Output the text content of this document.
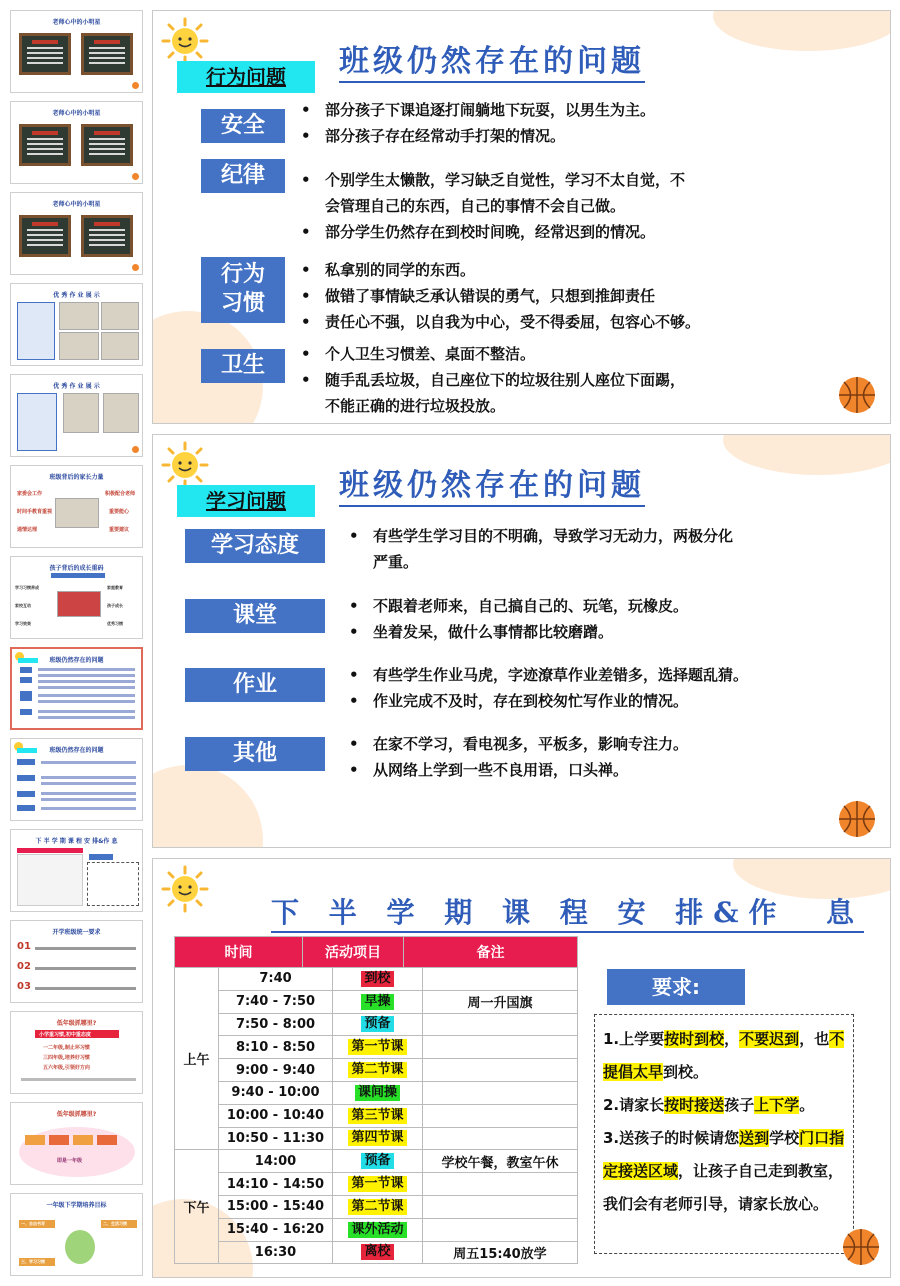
老师心中的小明星
老师心中的小明星
老师心中的小明星
优 秀 作 业 展 示
优 秀 作 业 展 示
班级背后的家长力量
家委会工作
时间手教育重视
通情达理
积极配合老师
重要能心
重要建议
孩子背后的成长重码
学习习惯养成
家校互动
学习效果
家庭教育
孩子成长
优秀习惯
班级仍然存在的问题
班级仍然存在的问题
下 半 学 期 课 程 安 排&作 息
开学班级统一要求
01
02
03
低年级抓哪里?
小学重习惯,初中重态度
一二年级,制止坏习惯
三四年级,培养好习惯
五六年级,引领好方向
低年级抓哪里?
即是一年级
一年级下学期培养目标
一、自由书写	二、生活习惯
三、学习习惯
班级仍然存在的问题
行为问题
安全
纪律
行为
习惯
卫生
• 部分孩子下课追逐打闹躺地下玩耍，以男生为主。
• 部分孩子存在经常动手打架的情况。
• 个别学生太懒散，学习缺乏自觉性，学习不太自觉，不
会管理自己的东西，自己的事情不会自己做。
• 部分学生仍然存在到校时间晚，经常迟到的情况。
• 私拿别的同学的东西。
• 做错了事情缺乏承认错误的勇气，只想到推卸责任
• 责任心不强，以自我为中心，受不得委屈，包容心不够。
• 个人卫生习惯差、桌面不整洁。
• 随手乱丢垃圾，自己座位下的垃圾往别人座位下面踢，
不能正确的进行垃圾投放。
班级仍然存在的问题
学习问题
学习态度
课堂
作业
其他
• 有些学生学习目的不明确，导致学习无动力，两极分化
严重。
• 不跟着老师来，自己搞自己的、玩笔，玩橡皮。
• 坐着发呆，做什么事情都比较磨蹭。
• 有些学生作业马虎，字迹潦草作业差错多，选择题乱猜。
• 作业完成不及时，存在到校匆忙写作业的情况。
• 在家不学习，看电视多，平板多，影响专注力。
• 从网络上学到一些不良用语，口头禅。
下 半 学 期 课 程 安 排&作  息
时间	活动项目	备注
上午	7:40	到校	
	7:40 - 7:50	早操	周一升国旗
	7:50 - 8:00	预备	
	8:10 - 8:50	第一节课	
	9:00 - 9:40	第二节课	
	9:40 - 10:00	课间操	
	10:00 - 10:40	第三节课	
	10:50 - 11:30	第四节课	
下午	14:00	预备	学校午餐，教室午休
	14:10 - 14:50	第一节课	
	15:00 - 15:40	第二节课	
	15:40 - 16:20	课外活动	
	16:30	离校	周五15:40放学
要求:
1.上学要按时到校，不要迟到，也不提倡太早到校。
2.请家长按时接送孩子上下学。
3.送孩子的时候请您送到学校门口指定接送区域，让孩子自己走到教室，我们会有老师引导，请家长放心。
